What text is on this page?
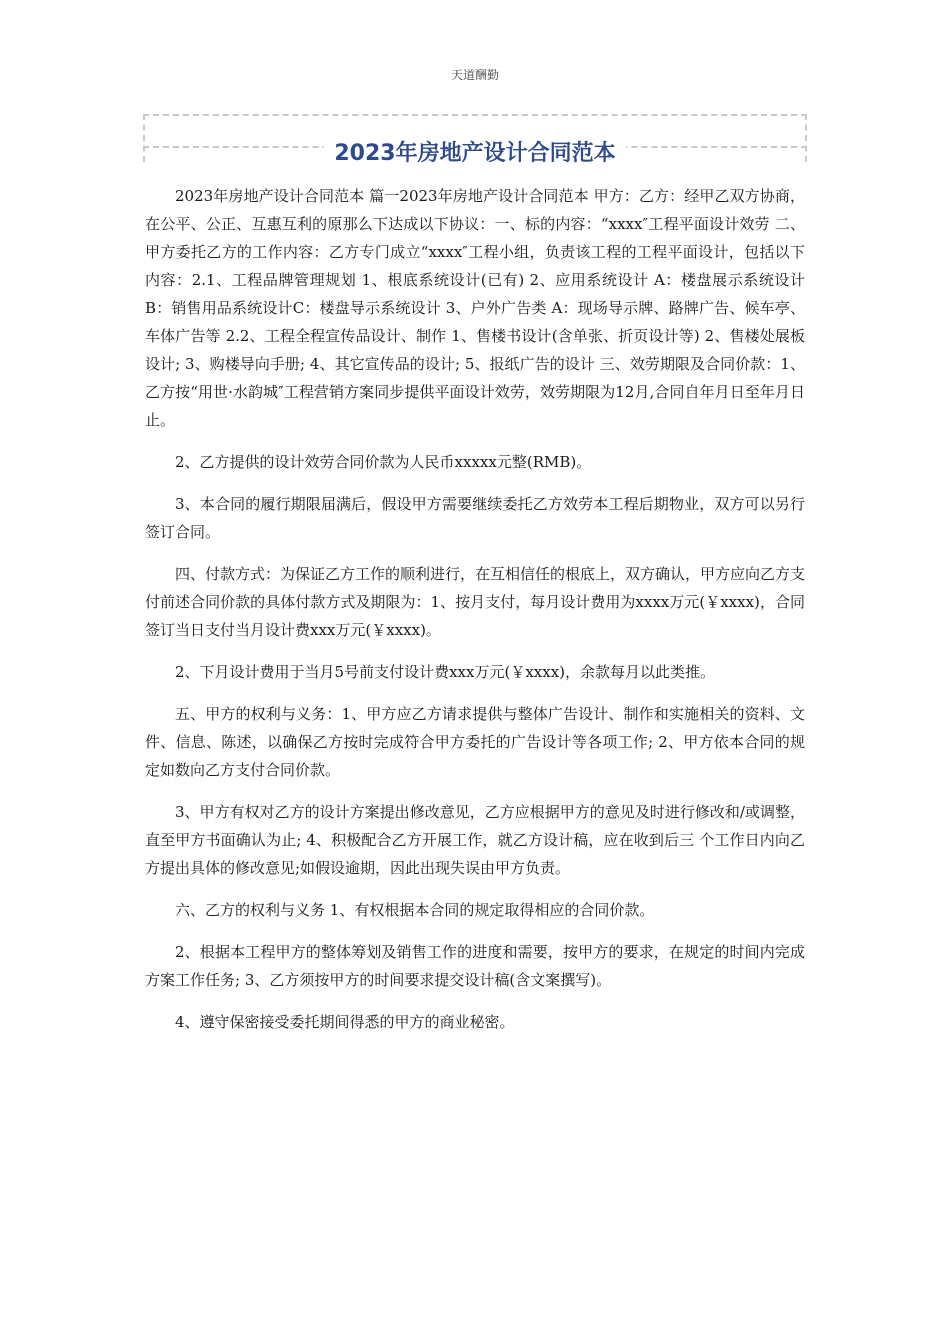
天道酬勤
2023年房地产设计合同范本

2023年房地产设计合同范本 篇一2023年房地产设计合同范本 甲方：乙方：经甲乙双方协商，在公平、公正、互惠互利的原那么下达成以下协议：一、标的内容：“xxxx″工程平面设计效劳 二、甲方委托乙方的工作内容：乙方专门成立“xxxx″工程小组，负责该工程的工程平面设计，包括以下内容：2.1、工程品牌管理规划 1、根底系统设计(已有) 2、应用系统设计 A：楼盘展示系统设计B：销售用品系统设计C：楼盘导示系统设计 3、户外广告类 A：现场导示牌、路牌广告、候车亭、车体广告等 2.2、工程全程宣传品设计、制作 1、售楼书设计(含单张、折页设计等) 2、售楼处展板设计; 3、购楼导向手册; 4、其它宣传品的设计; 5、报纸广告的设计 三、效劳期限及合同价款：1、乙方按“用世·水韵城″工程营销方案同步提供平面设计效劳，效劳期限为12月,合同自年月日至年月日止。

2、乙方提供的设计效劳合同价款为人民币xxxxx元整(RMB)。

3、本合同的履行期限届满后，假设甲方需要继续委托乙方效劳本工程后期物业，双方可以另行签订合同。

四、付款方式：为保证乙方工作的顺利进行，在互相信任的根底上，双方确认，甲方应向乙方支付前述合同价款的具体付款方式及期限为：1、按月支付，每月设计费用为xxxx万元(￥xxxx)，合同签订当日支付当月设计费xxx万元(￥xxxx)。

2、下月设计费用于当月5号前支付设计费xxx万元(￥xxxx)，余款每月以此类推。

五、甲方的权利与义务：1、甲方应乙方请求提供与整体广告设计、制作和实施相关的资料、文件、信息、陈述，以确保乙方按时完成符合甲方委托的广告设计等各项工作; 2、甲方依本合同的规定如数向乙方支付合同价款。

3、甲方有权对乙方的设计方案提出修改意见，乙方应根据甲方的意见及时进行修改和/或调整，直至甲方书面确认为止; 4、积极配合乙方开展工作，就乙方设计稿，应在收到后三 个工作日内向乙方提出具体的修改意见;如假设逾期，因此出现失误由甲方负责。

六、乙方的权利与义务 1、有权根据本合同的规定取得相应的合同价款。

2、根据本工程甲方的整体筹划及销售工作的进度和需要，按甲方的要求，在规定的时间内完成方案工作任务; 3、乙方须按甲方的时间要求提交设计稿(含文案撰写)。

4、遵守保密接受委托期间得悉的甲方的商业秘密。
